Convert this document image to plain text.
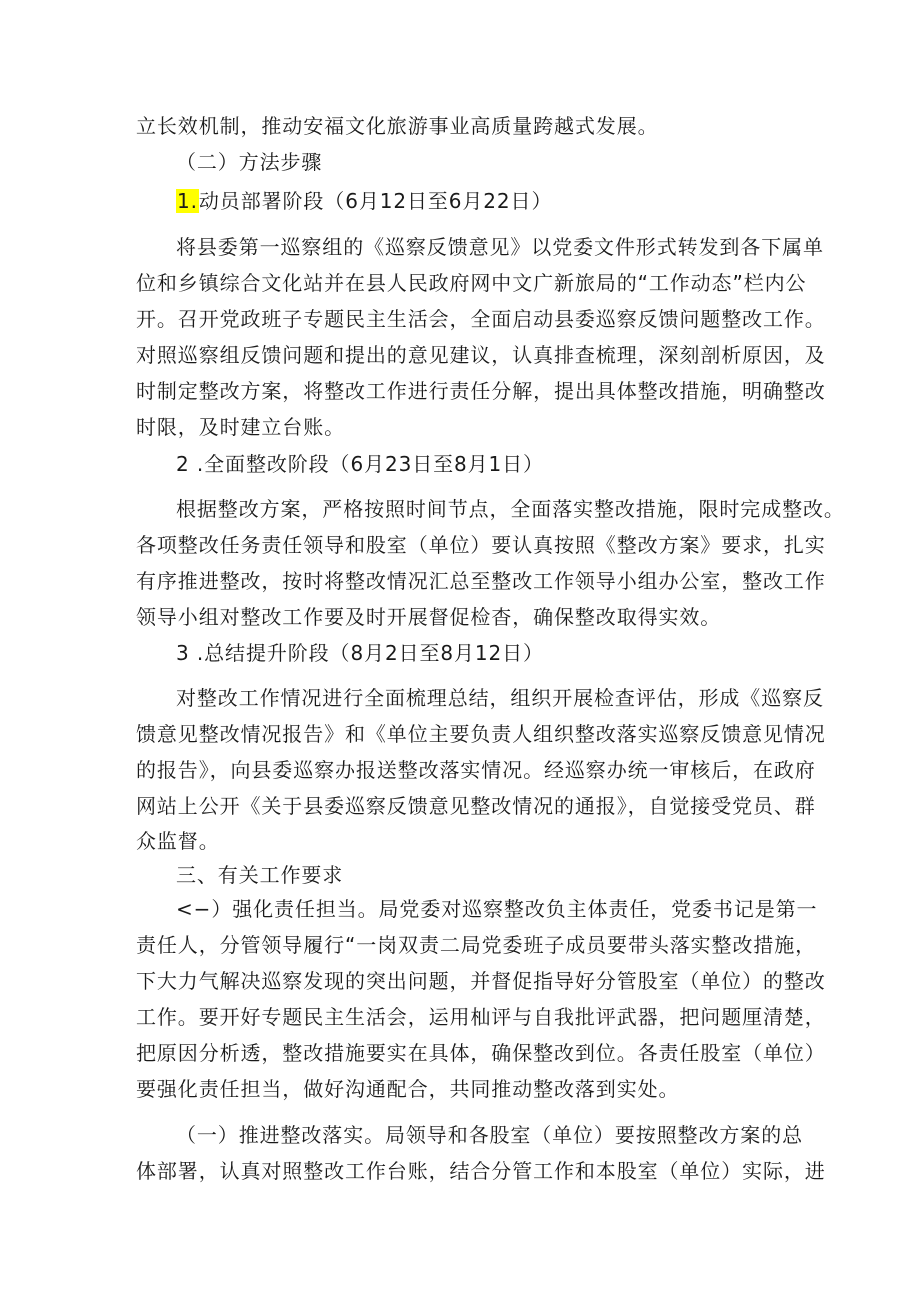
立长效机制，推动安福文化旅游事业高质量跨越式发展。
（二）方法步骤
1.动员部署阶段（6月12日至6月22日）
将县委第一巡察组的《巡察反馈意见》以党委文件形式转发到各下属单
位和乡镇综合文化站并在县人民政府网中文广新旅局的“工作动态”栏内公
开。召开党政班子专题民主生活会，全面启动县委巡察反馈问题整改工作。
对照巡察组反馈问题和提出的意见建议，认真排查梳理，深刻剖析原因，及
时制定整改方案，将整改工作进行责任分解，提出具体整改措施，明确整改
时限，及时建立台账。
2 .全面整改阶段（6月23日至8月1日）
根据整改方案，严格按照时间节点，全面落实整改措施，限时完成整改。
各项整改任务责任领导和股室（单位）要认真按照《整改方案》要求，扎实
有序推进整改，按时将整改情况汇总至整改工作领导小组办公室，整改工作
领导小组对整改工作要及时开展督促检杳，确保整改取得实效。
3 .总结提升阶段（8月2日至8月12日）
对整改工作情况进行全面梳理总结，组织开展检查评估，形成《巡察反
馈意见整改情况报告》和《单位主要负责人组织整改落实巡察反馈意见情况
的报告》，向县委巡察办报送整改落实情况。经巡察办统一审核后，在政府
网站上公开《关于县委巡察反馈意见整改情况的通报》，自觉接受党员、群
众监督。
三、有关工作要求
<−）强化责任担当。局党委对巡察整改负主体责任，党委书记是第一
责任人，分管领导履行“一岗双责二局党委班子成员要带头落实整改措施，
下大力气解决巡察发现的突出问题，并督促指导好分管股室（单位）的整改
工作。要开好专题民主生活会，运用杣评与自我批评武器，把问题厘清楚，
把原因分析透，整改措施要实在具体，确保整改到位。各责任股室（单位）
要强化责任担当，做好沟通配合，共同推动整改落到实处。
（一）推进整改落实。局领导和各股室（单位）要按照整改方案的总
体部署，认真对照整改工作台账，结合分管工作和本股室（单位）实际，进
